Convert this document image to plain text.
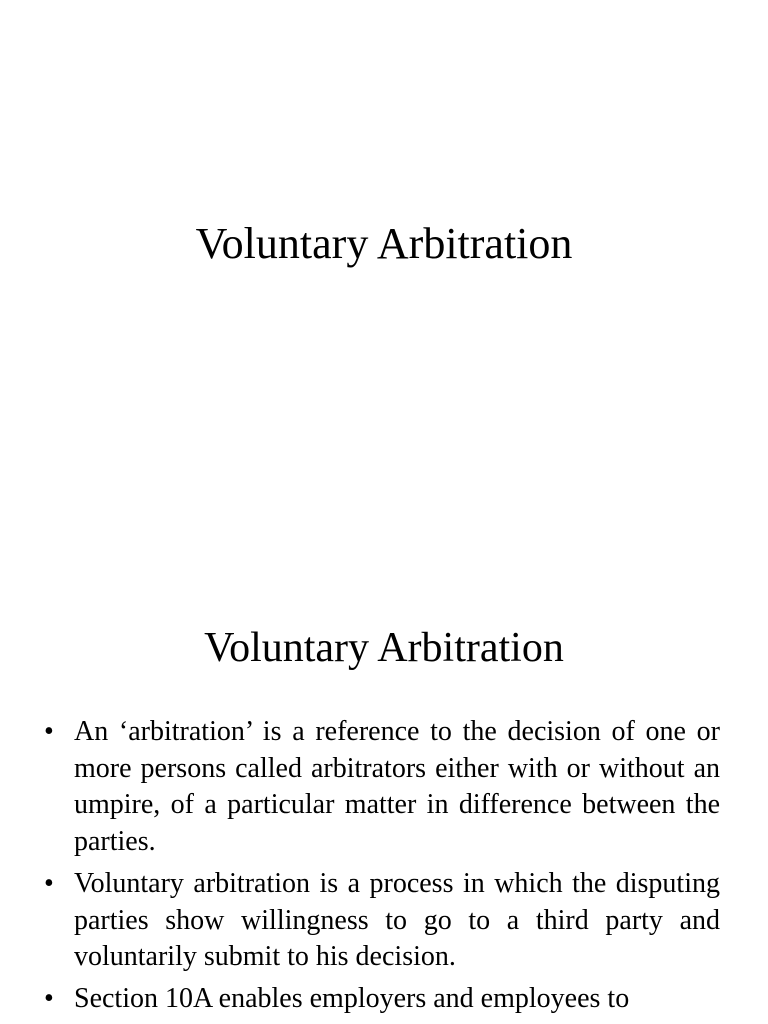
Voluntary Arbitration
Voluntary Arbitration
• An ‘arbitration’ is a reference to the decision of one or more persons called arbitrators either with or without an umpire, of a particular matter in difference between the parties.
• Voluntary arbitration is a process in which the disputing parties show willingness to go to a third party and voluntarily submit to his decision.
• Section 10A enables employers and employees to
